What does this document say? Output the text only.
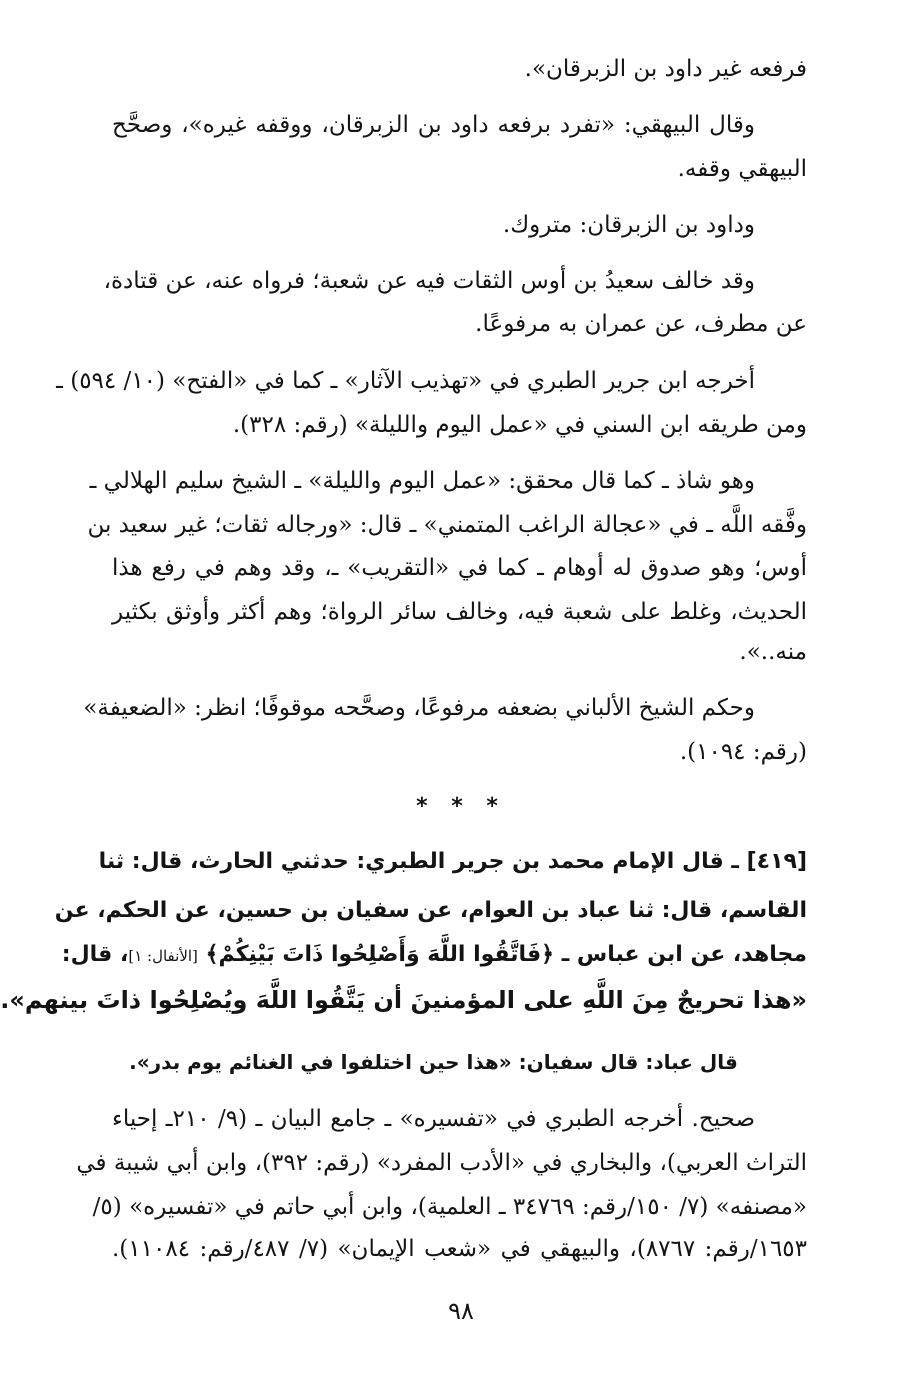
فرفعه غير داود بن الزبرقان».
وقال البيهقي: «تفرد برفعه داود بن الزبرقان، ووقفه غيره»، وصحَّح
البيهقي وقفه.
وداود بن الزبرقان: متروك.
وقد خالف سعيدُ بن أوس الثقات فيه عن شعبة؛ فرواه عنه، عن قتادة،
عن مطرف، عن عمران به مرفوعًا.
أخرجه ابن جرير الطبري في «تهذيب الآثار» ـ كما في «الفتح» (١٠/ ٥٩٤) ـ
ومن طريقه ابن السني في «عمل اليوم والليلة» (رقم: ٣٢٨).
وهو شاذ ـ كما قال محقق: «عمل اليوم والليلة» ـ الشيخ سليم الهلالي ـ
وفَّقه اللَّه ـ في «عجالة الراغب المتمني» ـ قال: «ورجاله ثقات؛ غير سعيد بن
أوس؛ وهو صدوق له أوهام ـ كما في «التقريب» ـ، وقد وهم في رفع هذا
الحديث، وغلط على شعبة فيه، وخالف سائر الرواة؛ وهم أكثر وأوثق بكثير
منه..».
وحكم الشيخ الألباني بضعفه مرفوعًا، وصحَّحه موقوفًا؛ انظر: «الضعيفة»
(رقم: ١٠٩٤).
* * *
[٤١٩] ـ قال الإمام محمد بن جرير الطبري: حدثني الحارث، قال: ثنا
القاسم، قال: ثنا عباد بن العوام، عن سفيان بن حسين، عن الحكم، عن
مجاهد، عن ابن عباس ـ ﴿فَاتَّقُوا اللَّهَ وَأَصْلِحُوا ذَاتَ بَيْنِكُمْ﴾ [الأنفال: ١]، قال:
«هذا تحريجٌ مِنَ اللَّهِ على المؤمنينَ أن يَتَّقُوا اللَّهَ ويُصْلِحُوا ذاتَ بينهم».
قال عباد: قال سفيان: «هذا حين اختلفوا في الغنائم يوم بدر».
صحيح. أخرجه الطبري في «تفسيره» ـ جامع البيان ـ (٩/ ٢١٠ـ إحياء
التراث العربي)، والبخاري في «الأدب المفرد» (رقم: ٣٩٢)، وابن أبي شيبة في
«مصنفه» (٧/ ١٥٠/رقم: ٣٤٧٦٩ ـ العلمية)، وابن أبي حاتم في «تفسيره» (٥/
١٦٥٣/رقم: ٨٧٦٧)، والبيهقي في «شعب الإيمان» (٧/ ٤٨٧/رقم: ١١٠٨٤).
٩٨
